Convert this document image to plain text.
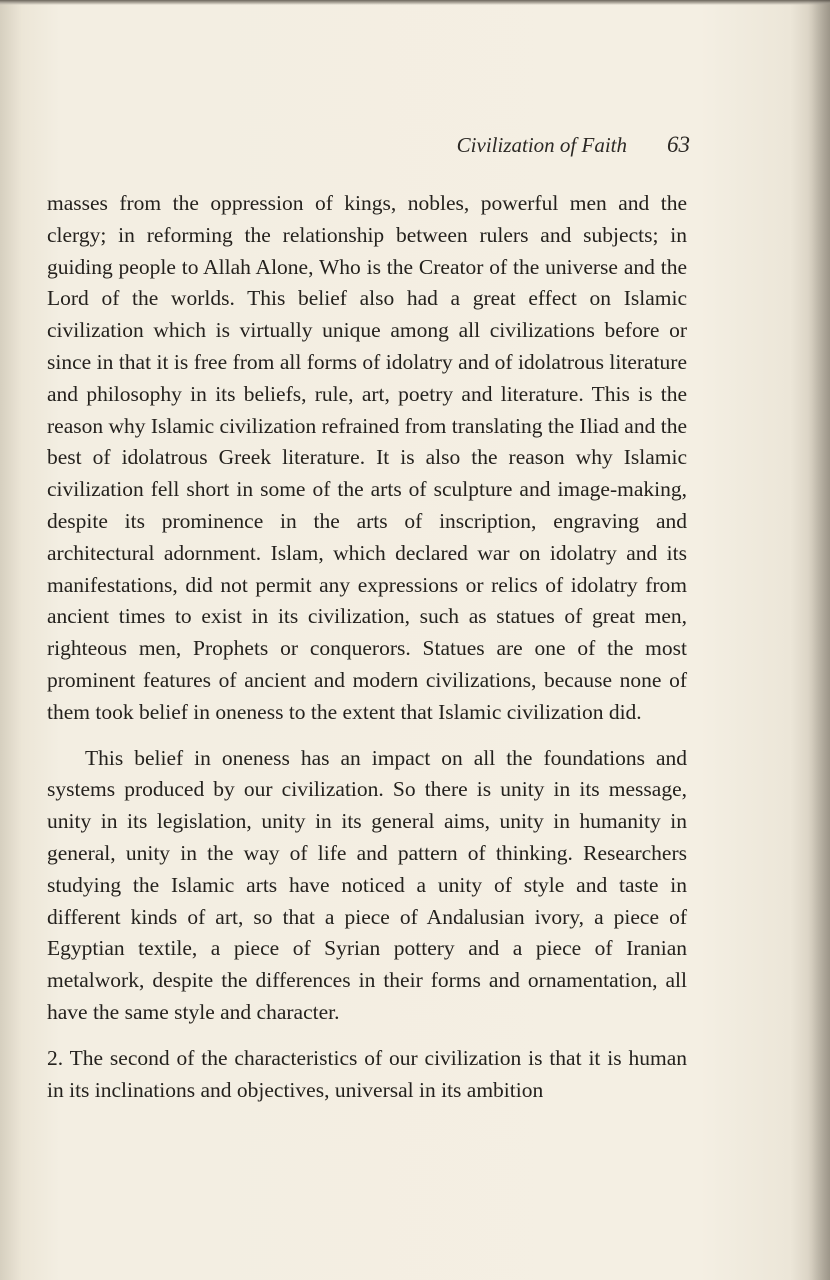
Civilization of Faith 63

masses from the oppression of kings, nobles, powerful men and the clergy; in reforming the relationship between rulers and subjects; in guiding people to Allah Alone, Who is the Creator of the universe and the Lord of the worlds. This belief also had a great effect on Islamic civilization which is virtually unique among all civilizations before or since in that it is free from all forms of idolatry and of idolatrous literature and philosophy in its beliefs, rule, art, poetry and literature. This is the reason why Islamic civilization refrained from translating the Iliad and the best of idolatrous Greek literature. It is also the reason why Islamic civilization fell short in some of the arts of sculpture and image-making, despite its prominence in the arts of inscription, engraving and architectural adornment. Islam, which declared war on idolatry and its manifestations, did not permit any expressions or relics of idolatry from ancient times to exist in its civilization, such as statues of great men, righteous men, Prophets or conquerors. Statues are one of the most prominent features of ancient and modern civilizations, because none of them took belief in oneness to the extent that Islamic civilization did.

This belief in oneness has an impact on all the foundations and systems produced by our civilization. So there is unity in its message, unity in its legislation, unity in its general aims, unity in humanity in general, unity in the way of life and pattern of thinking. Researchers studying the Islamic arts have noticed a unity of style and taste in different kinds of art, so that a piece of Andalusian ivory, a piece of Egyptian textile, a piece of Syrian pottery and a piece of Iranian metalwork, despite the differences in their forms and ornamentation, all have the same style and character.

2. The second of the characteristics of our civilization is that it is human in its inclinations and objectives, universal in its ambition
